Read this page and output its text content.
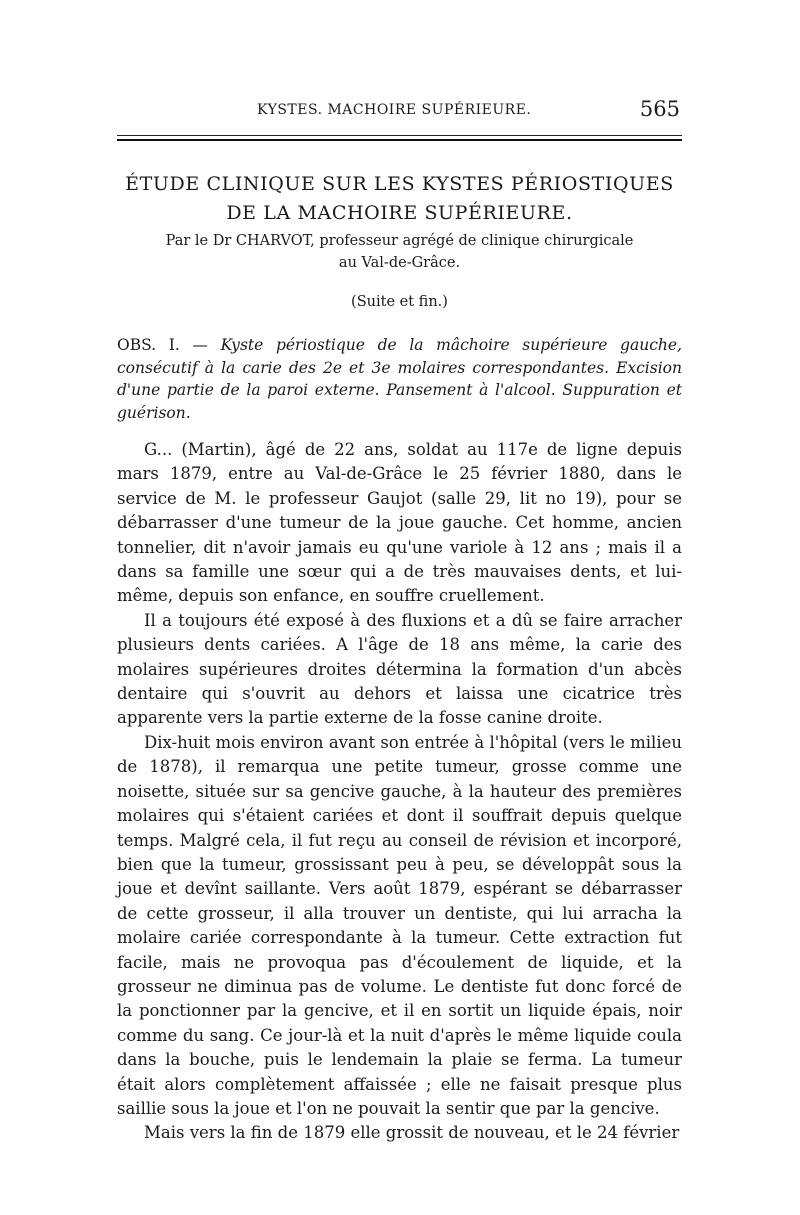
KYSTES. MACHOIRE SUPÉRIEURE.	565
ÉTUDE CLINIQUE SUR LES KYSTES PÉRIOSTIQUES
DE LA MACHOIRE SUPÉRIEURE.
Par le Dr CHARVOT, professeur agrégé de clinique chirurgicale
au Val-de-Grâce.
(Suite et fin.)
OBS. I. — Kyste périostique de la mâchoire supérieure gauche, consécutif à la carie des 2e et 3e molaires correspondantes. Excision d'une partie de la paroi externe. Pansement à l'alcool. Suppuration et guérison.

G... (Martin), âgé de 22 ans, soldat au 117e de ligne depuis mars 1879, entre au Val-de-Grâce le 25 février 1880, dans le service de M. le professeur Gaujot (salle 29, lit no 19), pour se débarrasser d'une tumeur de la joue gauche. Cet homme, ancien tonnelier, dit n'avoir jamais eu qu'une variole à 12 ans ; mais il a dans sa famille une sœur qui a de très mauvaises dents, et lui-même, depuis son enfance, en souffre cruellement.

Il a toujours été exposé à des fluxions et a dû se faire arracher plusieurs dents cariées. A l'âge de 18 ans même, la carie des molaires supérieures droites détermina la formation d'un abcès dentaire qui s'ouvrit au dehors et laissa une cicatrice très apparente vers la partie externe de la fosse canine droite.

Dix-huit mois environ avant son entrée à l'hôpital (vers le milieu de 1878), il remarqua une petite tumeur, grosse comme une noisette, située sur sa gencive gauche, à la hauteur des premières molaires qui s'étaient cariées et dont il souffrait depuis quelque temps. Malgré cela, il fut reçu au conseil de révision et incorporé, bien que la tumeur, grossissant peu à peu, se développât sous la joue et devînt saillante. Vers août 1879, espérant se débarrasser de cette grosseur, il alla trouver un dentiste, qui lui arracha la molaire cariée correspondante à la tumeur. Cette extraction fut facile, mais ne provoqua pas d'écoulement de liquide, et la grosseur ne diminua pas de volume. Le dentiste fut donc forcé de la ponctionner par la gencive, et il en sortit un liquide épais, noir comme du sang. Ce jour-là et la nuit d'après le même liquide coula dans la bouche, puis le lendemain la plaie se ferma. La tumeur était alors complètement affaissée ; elle ne faisait presque plus saillie sous la joue et l'on ne pouvait la sentir que par la gencive.

Mais vers la fin de 1879 elle grossit de nouveau, et le 24 février
